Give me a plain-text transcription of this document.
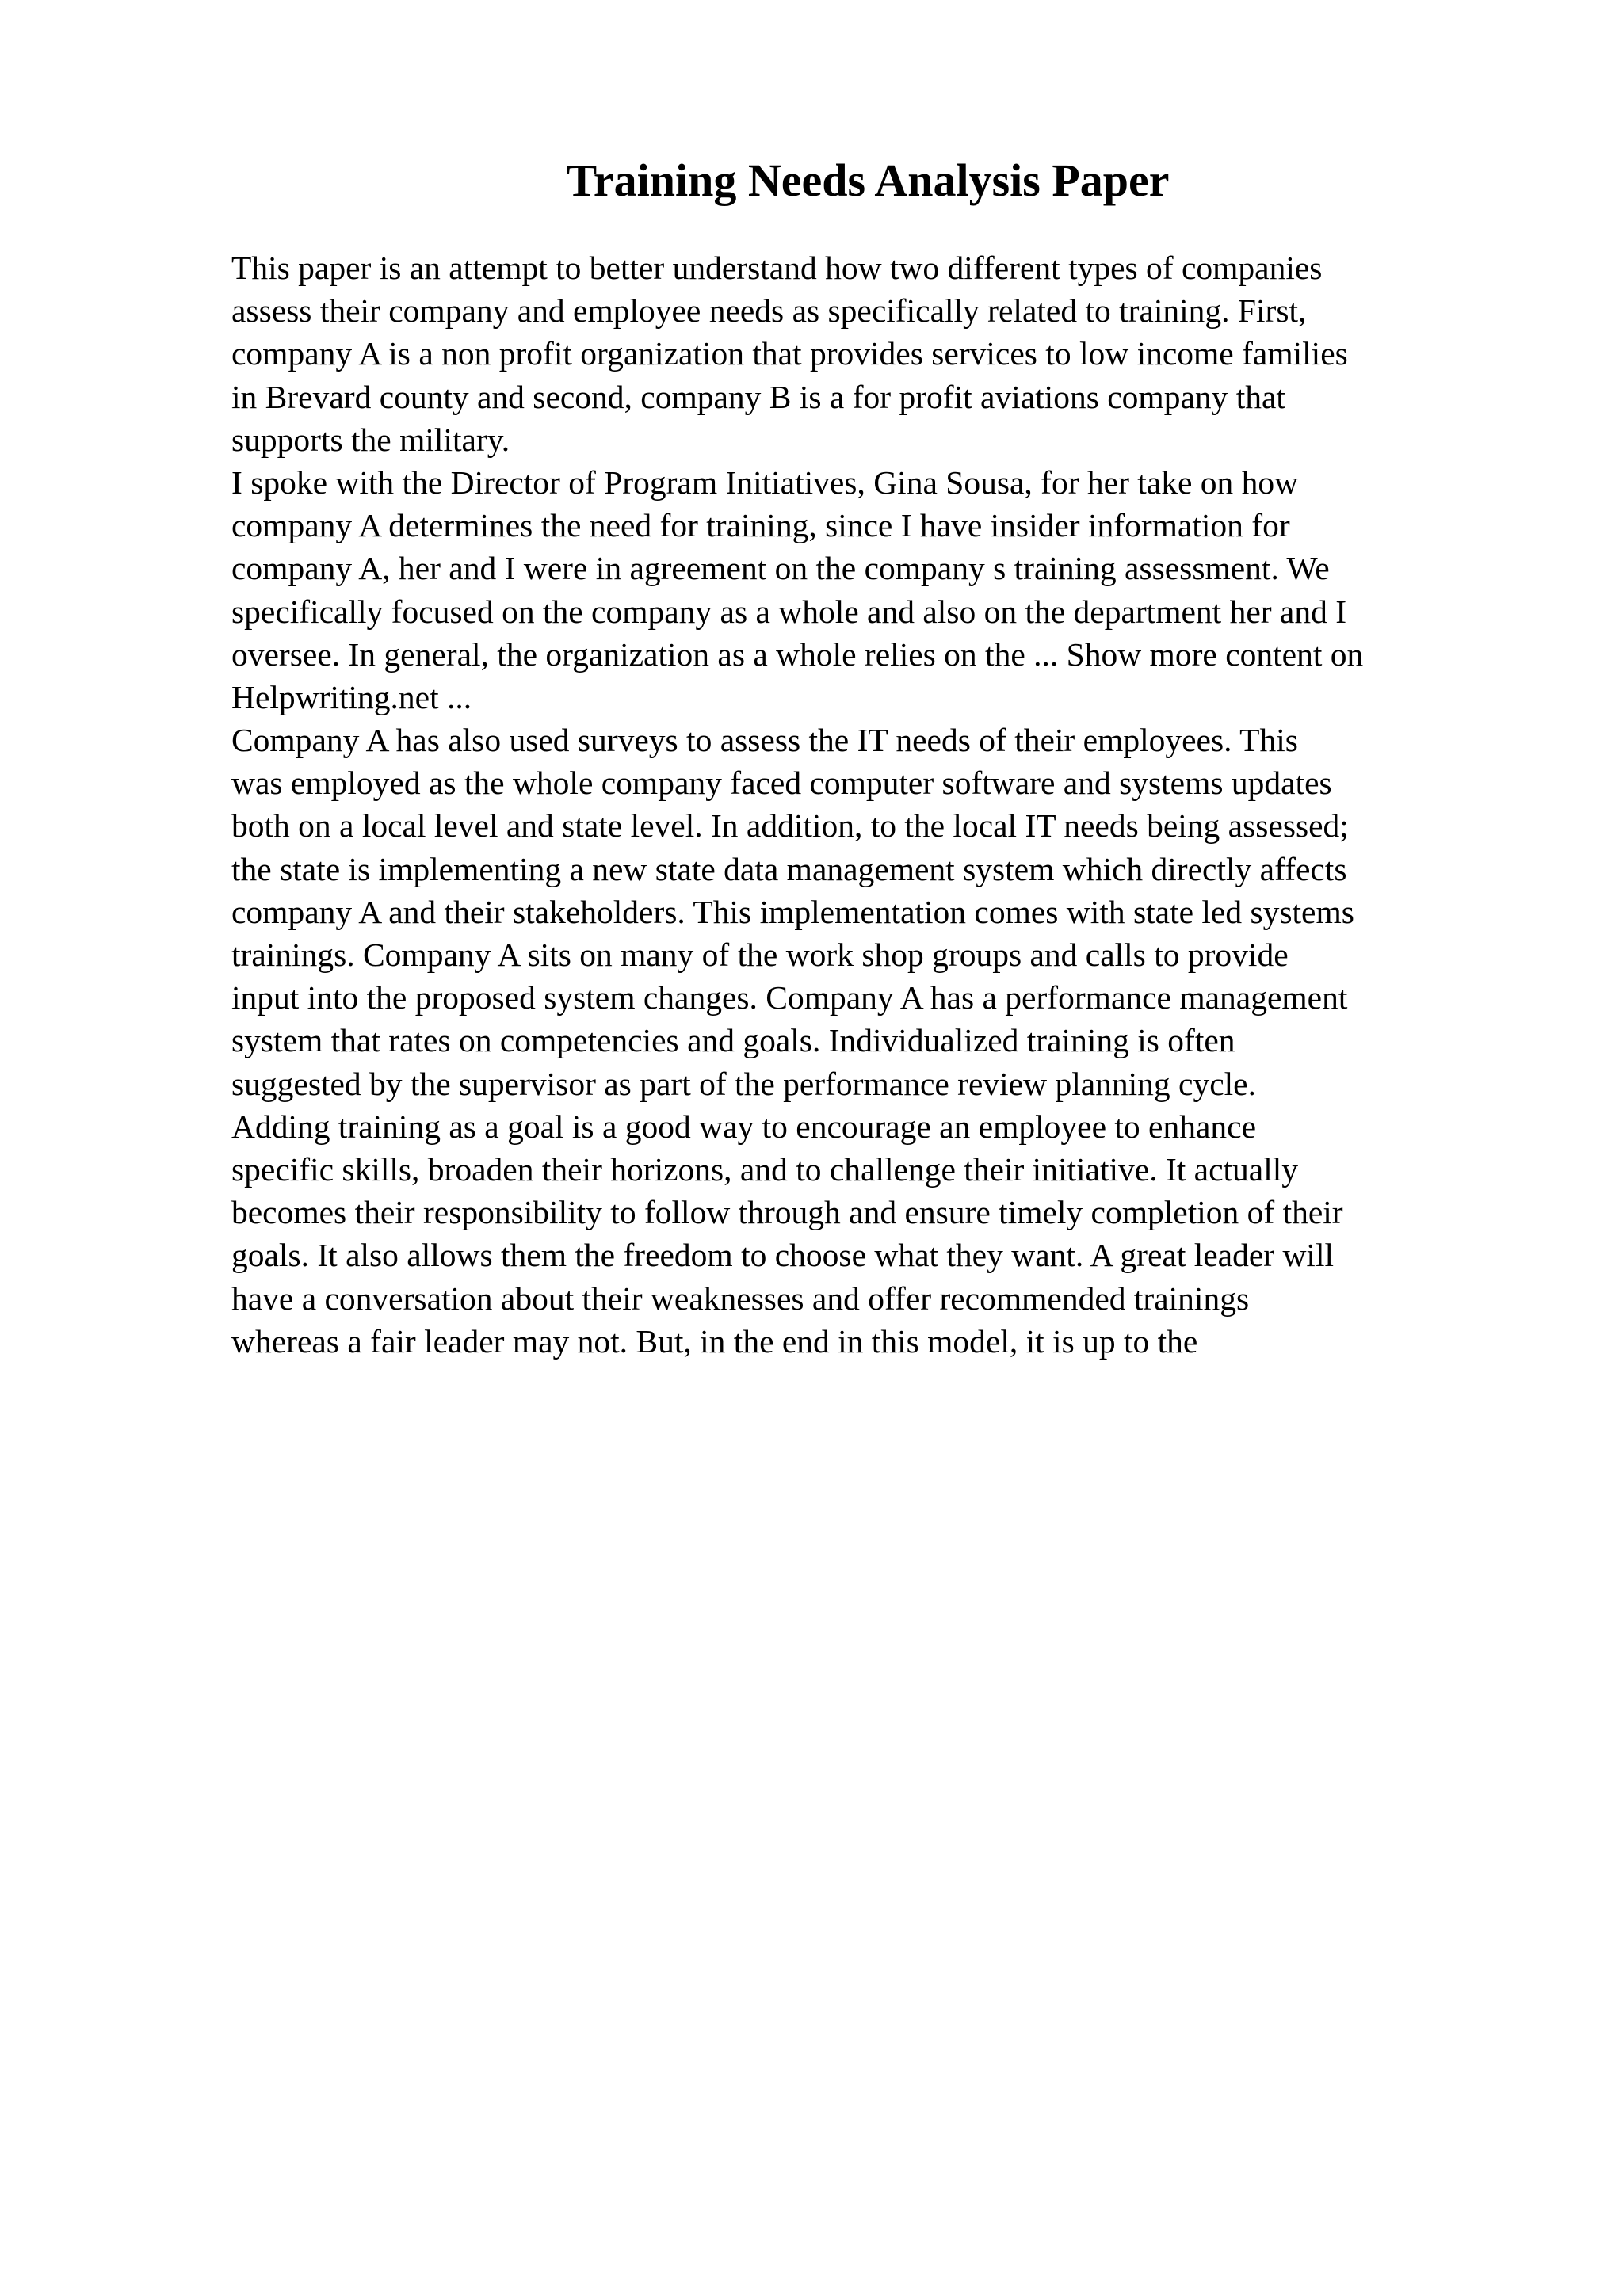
Training Needs Analysis Paper
This paper is an attempt to better understand how two different types of companies
assess their company and employee needs as specifically related to training. First,
company A is a non profit organization that provides services to low income families
in Brevard county and second, company B is a for profit aviations company that
supports the military.
I spoke with the Director of Program Initiatives, Gina Sousa, for her take on how
company A determines the need for training, since I have insider information for
company A, her and I were in agreement on the company s training assessment. We
specifically focused on the company as a whole and also on the department her and I
oversee. In general, the organization as a whole relies on the ... Show more content on
Helpwriting.net ...
Company A has also used surveys to assess the IT needs of their employees. This
was employed as the whole company faced computer software and systems updates
both on a local level and state level. In addition, to the local IT needs being assessed;
the state is implementing a new state data management system which directly affects
company A and their stakeholders. This implementation comes with state led systems
trainings. Company A sits on many of the work shop groups and calls to provide
input into the proposed system changes. Company A has a performance management
system that rates on competencies and goals. Individualized training is often
suggested by the supervisor as part of the performance review planning cycle.
Adding training as a goal is a good way to encourage an employee to enhance
specific skills, broaden their horizons, and to challenge their initiative. It actually
becomes their responsibility to follow through and ensure timely completion of their
goals. It also allows them the freedom to choose what they want. A great leader will
have a conversation about their weaknesses and offer recommended trainings
whereas a fair leader may not. But, in the end in this model, it is up to the
